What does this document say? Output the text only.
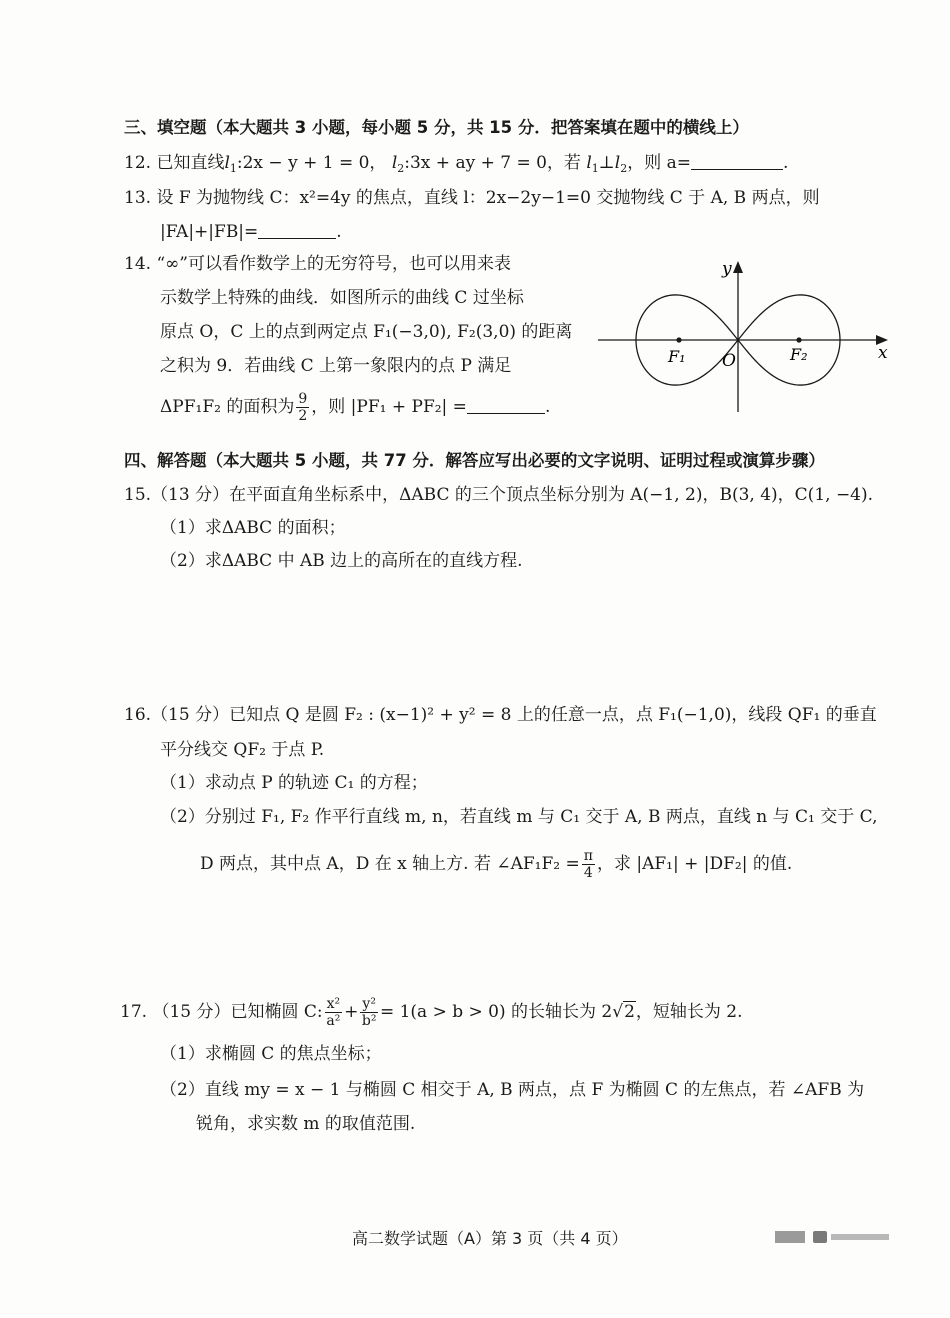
三、填空题（本大题共 3 小题，每小题 5 分，共 15 分．把答案填在题中的横线上）
12. 已知直线$l_1:2x - y + 1 = 0$， $l_2:3x$ + ay + 7 = 0，若 $l_1\perp l_2$，则 a=	.
13. 设 F 为抛物线 C：x²=4y 的焦点，直线 l：2x−2y−1=0 交抛物线 C 于 A, B 两点，则
|FA|+|FB|=	.
14. “∞”可以看作数学上的无穷符号，也可以用来表
示数学上特殊的曲线．如图所示的曲线 C 过坐标
原点 O，C 上的点到两定点 F₁(−3,0), F₂(3,0) 的距离
之积为 9．若曲线 C 上第一象限内的点 P 满足
ΔPF₁F₂ 的面积为 $\frac{9}{2}$ ，则 |PF₁ + PF₂| =	.
y
x
O
F₁	F₂
四、解答题（本大题共 5 小题，共 77 分．解答应写出必要的文字说明、证明过程或演算步骤）
15.（13 分）在平面直角坐标系中，ΔABC 的三个顶点坐标分别为 A(−1, 2)，B(3, 4)，C(1, −4).
（1）求ΔABC 的面积；
（2）求ΔABC 中 AB 边上的高所在的直线方程.
16.（15 分）已知点 Q 是圆 F₂ : (x−1)² + y² = 8 上的任意一点，点 F₁(−1,0)，线段 QF₁ 的垂直
平分线交 QF₂ 于点 P.
（1）求动点 P 的轨迹 C₁ 的方程；
（2）分别过 F₁, F₂ 作平行直线 m, n，若直线 m 与 C₁ 交于 A, B 两点，直线 n 与 C₁ 交于 C,
D 两点，其中点 A，D 在 x 轴上方. 若 ∠AF₁F₂ = $\frac{\pi}{4}$ ，求 |AF₁| + |DF₂| 的值.
17. （15 分）已知椭圆 C: $\frac{\text{x²}}{\text{a²}} + \frac{\text{y²}}{\text{b²}} = 1(a > b > 0)$ 的长轴长为 2√2，短轴长为 2.
（1）求椭圆 C 的焦点坐标；
（2）直线 my = x − 1 与椭圆 C 相交于 A, B 两点，点 F 为椭圆 C 的左焦点，若 ∠AFB 为
锐角，求实数 m 的取值范围.
高二数学试题（A）第 3 页（共 4 页）
